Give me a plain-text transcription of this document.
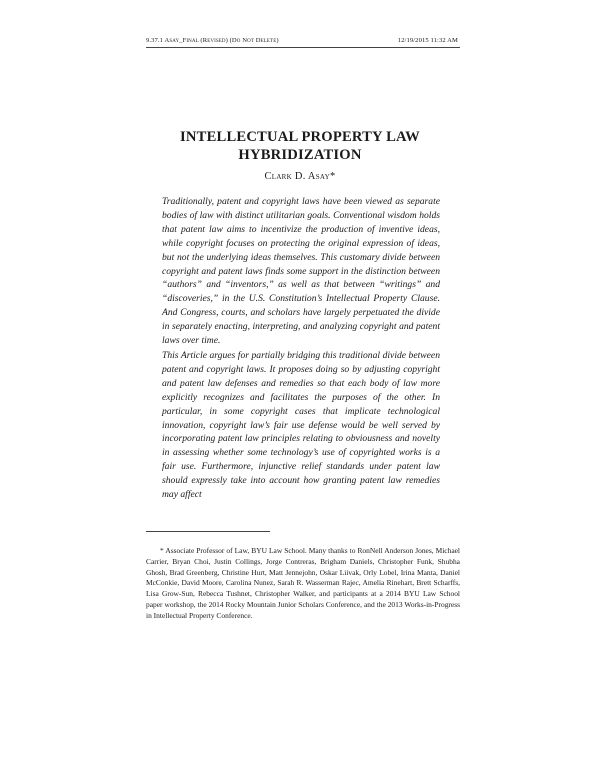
9.37.1 Asay_Final (Revised) (Do Not Delete)	12/19/2015 11:32 AM
INTELLECTUAL PROPERTY LAW
HYBRIDIZATION
Clark D. Asay*

Traditionally, patent and copyright laws have been viewed as separate bodies of law with distinct utilitarian goals. Conventional wisdom holds that patent law aims to incentivize the production of inventive ideas, while copyright focuses on protecting the original expression of ideas, but not the underlying ideas themselves. This customary divide between copyright and patent laws finds some support in the distinction between “authors” and “inventors,” as well as that between “writings” and “discoveries,” in the U.S. Constitution’s Intellectual Property Clause. And Congress, courts, and scholars have largely perpetuated the divide in separately enacting, interpreting, and analyzing copyright and patent laws over time.

This Article argues for partially bridging this traditional divide between patent and copyright laws. It proposes doing so by adjusting copyright and patent law defenses and remedies so that each body of law more explicitly recognizes and facilitates the purposes of the other. In particular, in some copyright cases that implicate technological innovation, copyright law’s fair use defense would be well served by incorporating patent law principles relating to obviousness and novelty in assessing whether some technology’s use of copyrighted works is a fair use. Furthermore, injunctive relief standards under patent law should expressly take into account how granting patent law remedies may affect

* Associate Professor of Law, BYU Law School. Many thanks to RonNell Anderson Jones, Michael Carrier, Bryan Choi, Justin Collings, Jorge Contreras, Brigham Daniels, Christopher Funk, Shubha Ghosh, Brad Greenberg, Christine Hurt, Matt Jennejohn, Oskar Liivak, Orly Lobel, Irina Manta, Daniel McConkie, David Moore, Carolina Nunez, Sarah R. Wasserman Rajec, Amelia Rinehart, Brett Scharffs, Lisa Grow-Sun, Rebecca Tushnet, Christopher Walker, and participants at a 2014 BYU Law School paper workshop, the 2014 Rocky Mountain Junior Scholars Conference, and the 2013 Works-in-Progress in Intellectual Property Conference.
